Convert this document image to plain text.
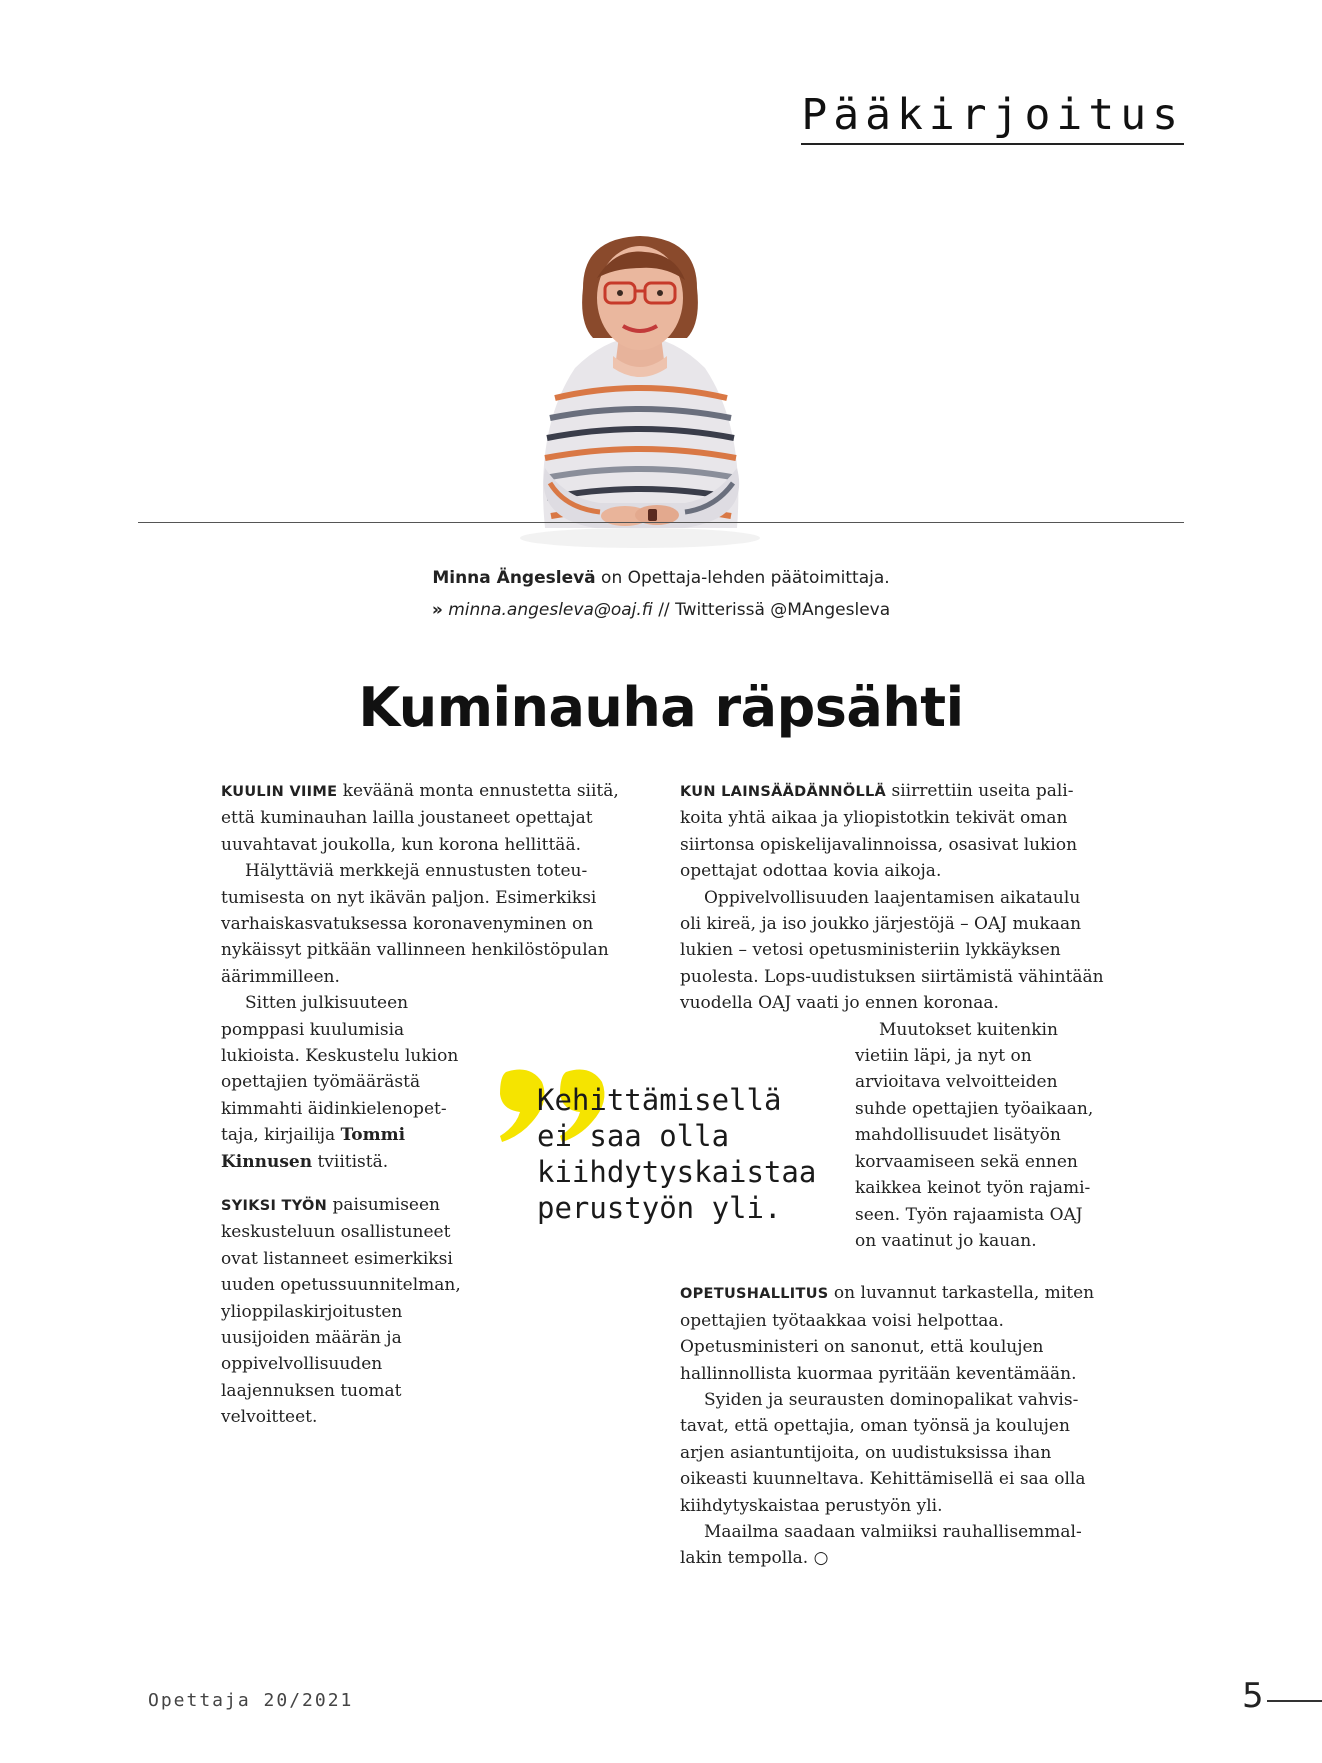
Pääkirjoitus
Minna Ängeslevä on Opettaja-lehden päätoimittaja.
» minna.angesleva@oaj.fi // Twitterissä @MAngesleva
Kuminauha räpsähti

KUULIN VIIME keväänä monta ennustetta siitä, että kuminauhan lailla joustaneet opettajat uuvahtavat joukolla, kun korona hellittää.

Hälyttäviä merkkejä ennustusten toteutumisesta on nyt ikävän paljon. Esimerkiksi varhaiskasvatuksessa koronavenyminen on nykäissyt pitkään vallinneen henkilöstöpulan äärimmilleen.

Sitten julkisuuteen pomppasi kuulumisia lukioista. Keskustelu lukion opettajien työmäärästä kimmahti äidinkielenopettaja, kirjailija Tommi Kinnusen tviitistä.

SYIKSI TYÖN paisumiseen keskusteluun osallistuneet ovat listanneet esimerkiksi uuden opetussuunnitelman, ylioppilaskirjoitusten uusijoiden määrän ja oppivelvollisuuden laajennuksen tuomat velvoitteet.

KUN LAINSÄÄDÄNNÖLLÄ siirrettiin useita palikoita yhtä aikaa ja yliopistotkin tekivät oman siirtonsa opiskelijavalinnoissa, osasivat lukion opettajat odottaa kovia aikoja.

Oppivelvollisuuden laajentamisen aikataulu oli kireä, ja iso joukko järjestöjä – OAJ mukaan lukien – vetosi opetusministeriin lykkäyksen puolesta. Lops-uudistuksen siirtämistä vähintään vuodella OAJ vaati jo ennen koronaa.

Muutokset kuitenkin vietiin läpi, ja nyt on arvioitava velvoitteiden suhde opettajien työaikaan, mahdollisuudet lisätyön korvaamiseen sekä ennen kaikkea keinot työn rajamiseen. Työn rajaamista OAJ on vaatinut jo kauan.

OPETUSHALLITUS on luvannut tarkastella, miten opettajien työtaakkaa voisi helpottaa. Opetusministeri on sanonut, että koulujen hallinnollista kuormaa pyritään keventämään.

Syiden ja seurausten dominopalikat vahvistavat, että opettajia, oman työnsä ja koulujen arjen asiantuntijoita, on uudistuksissa ihan oikeasti kuunneltava. Kehittämisellä ei saa olla kiihdytyskaistaa perustyön yli.

Maailma saadaan valmiiksi rauhallisemmallakin tempolla. ○

Kehittämisellä
ei saa olla
kiihdytyskaistaa
perustyön yli.
Opettaja 20/2021	5
